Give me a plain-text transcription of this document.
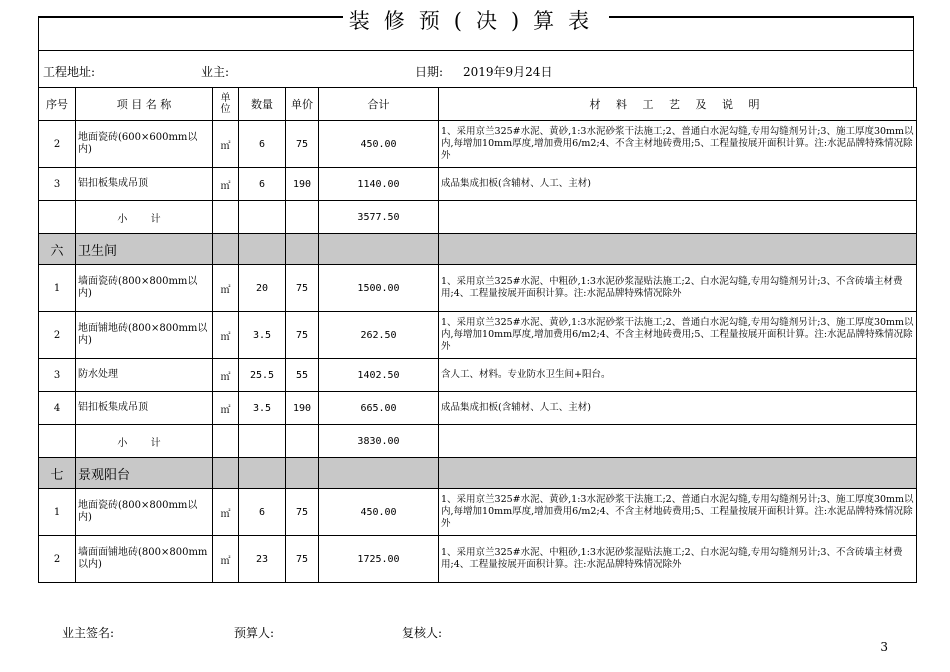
装修预(决)算表
工程地址:	业主:	日期: 2019年9月24日
序号	项 目 名 称	单位	数量	单价	合计	材 料 工 艺 及 说 明
2	地面瓷砖(600×600mm以内)	㎡	6	75	450.00	1、采用京兰325#水泥、黄砂,1:3水泥砂浆干法施工;2、普通白水泥勾缝,专用勾缝剂另计;3、施工厚度30mm以内,每增加10mm厚度,增加费用6/m2;4、不含主材地砖费用;5、工程量按展开面积计算。注:水泥品牌特殊情况除外
3	铝扣板集成吊顶	㎡	6	190	1140.00	成品集成扣板(含辅材、人工、主材)
	小 计				3577.50	
六	卫生间					
1	墙面瓷砖(800×800mm以内)	㎡	20	75	1500.00	1、采用京兰325#水泥、中粗砂,1:3水泥砂浆湿贴法施工;2、白水泥勾缝,专用勾缝剂另计;3、不含砖墙主材费用;4、工程量按展开面积计算。注:水泥品牌特殊情况除外
2	地面铺地砖(800×800mm以内)	㎡	3.5	75	262.50	1、采用京兰325#水泥、黄砂,1:3水泥砂浆干法施工;2、普通白水泥勾缝,专用勾缝剂另计;3、施工厚度30mm以内,每增加10mm厚度,增加费用6/m2;4、不含主材地砖费用;5、工程量按展开面积计算。注:水泥品牌特殊情况除外
3	防水处理	㎡	25.5	55	1402.50	含人工、材料。专业防水卫生间+阳台。
4	铝扣板集成吊顶	㎡	3.5	190	665.00	成品集成扣板(含辅材、人工、主材)
	小 计				3830.00	
七	景观阳台					
1	地面瓷砖(800×800mm以内)	㎡	6	75	450.00	1、采用京兰325#水泥、黄砂,1:3水泥砂浆干法施工;2、普通白水泥勾缝,专用勾缝剂另计;3、施工厚度30mm以内,每增加10mm厚度,增加费用6/m2;4、不含主材地砖费用;5、工程量按展开面积计算。注:水泥品牌特殊情况除外
2	墙面面铺地砖(800×800mm以内)	㎡	23	75	1725.00	1、采用京兰325#水泥、中粗砂,1:3水泥砂浆湿贴法施工;2、白水泥勾缝,专用勾缝剂另计;3、不含砖墙主材费用;4、工程量按展开面积计算。注:水泥品牌特殊情况除外
业主签名:	预算人:	复核人:
3
